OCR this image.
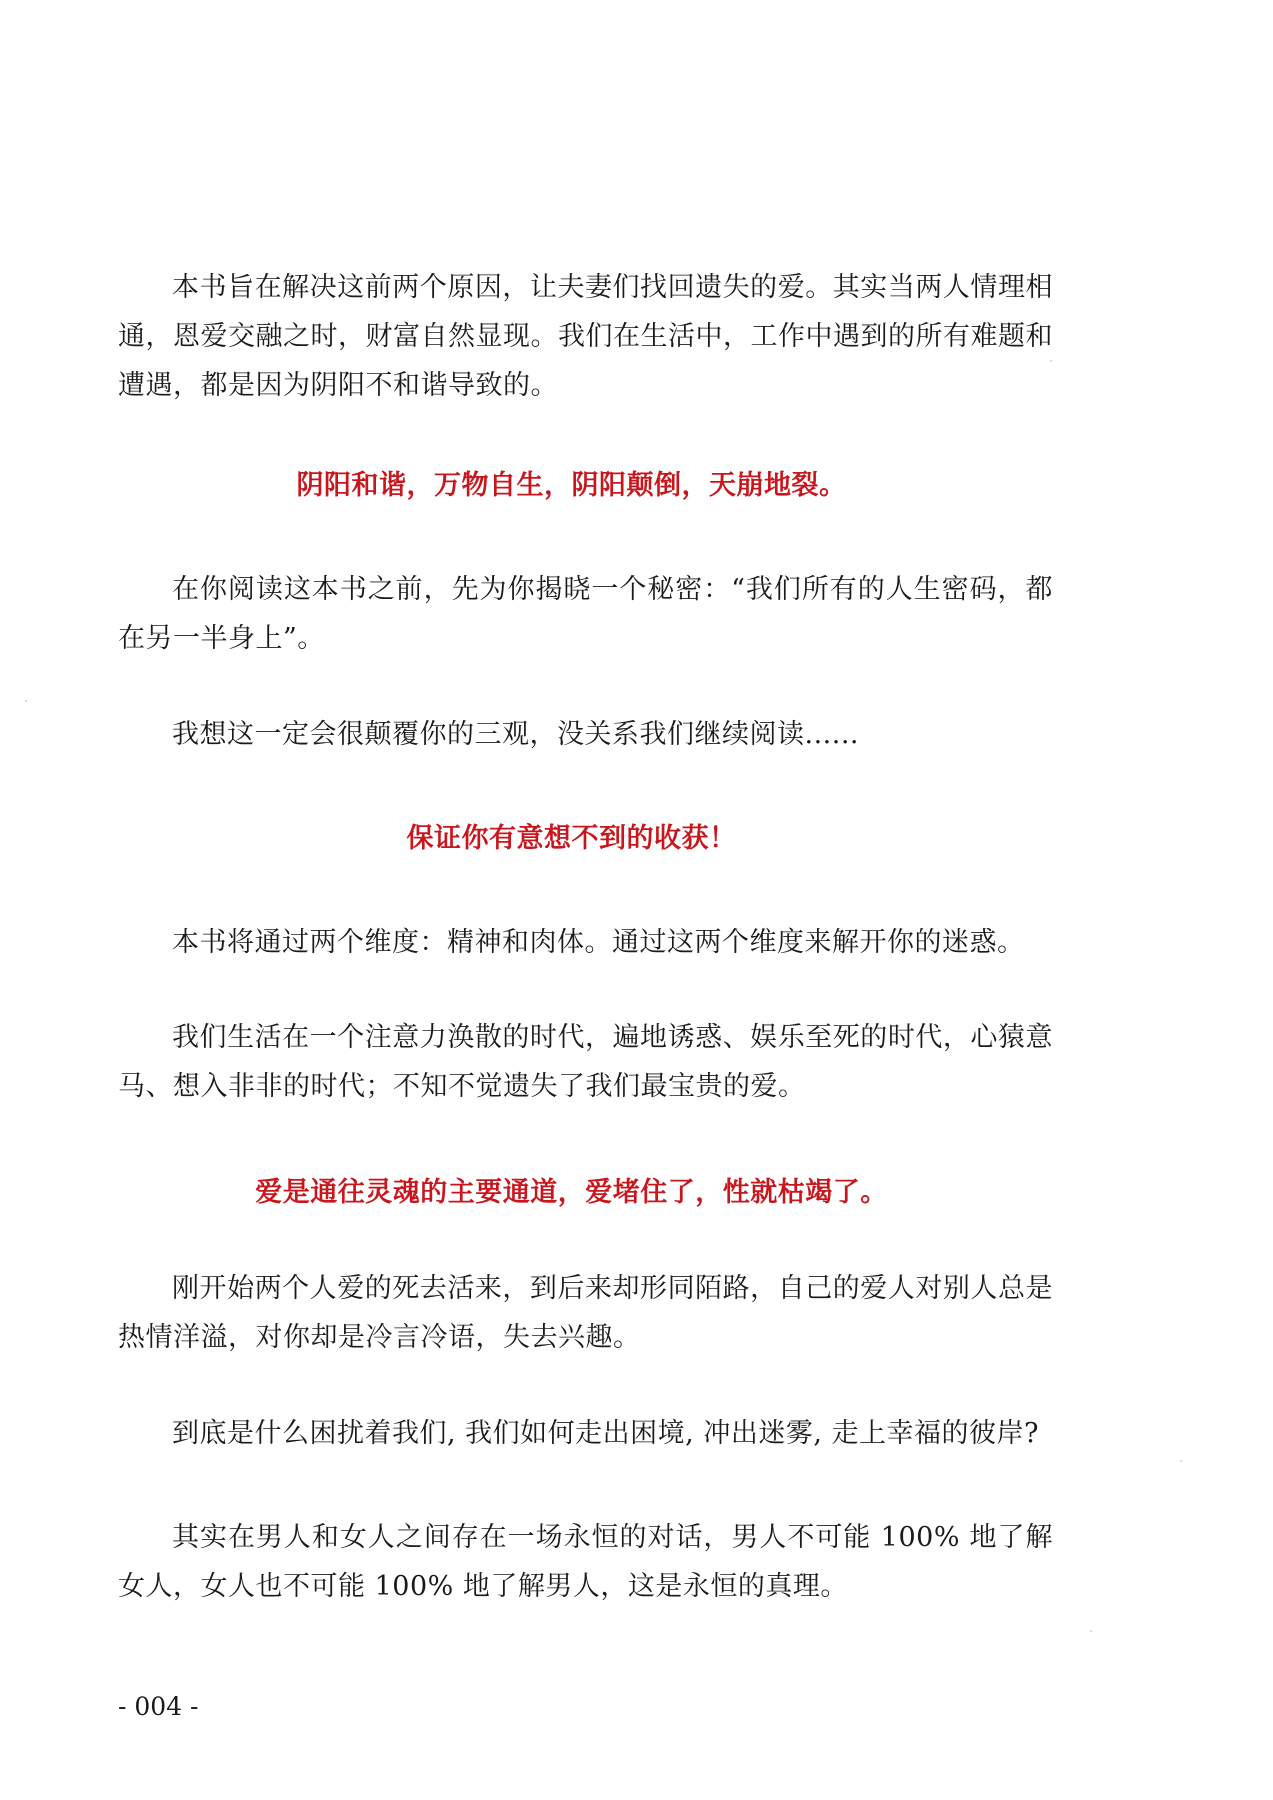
本书旨在解决这前两个原因，让夫妻们找回遗失的爱。其实当两人情理相通，恩爱交融之时，财富自然显现。我们在生活中，工作中遇到的所有难题和遭遇，都是因为阴阳不和谐导致的。

阴阳和谐，万物自生，阴阳颠倒，天崩地裂。

在你阅读这本书之前，先为你揭晓一个秘密：“我们所有的人生密码，都在另一半身上”。

我想这一定会很颠覆你的三观，没关系我们继续阅读......

保证你有意想不到的收获！

本书将通过两个维度：精神和肉体。通过这两个维度来解开你的迷惑。

我们生活在一个注意力涣散的时代，遍地诱惑、娱乐至死的时代，心猿意马、想入非非的时代；不知不觉遗失了我们最宝贵的爱。

爱是通往灵魂的主要通道，爱堵住了，性就枯竭了。

刚开始两个人爱的死去活来，到后来却形同陌路，自己的爱人对别人总是热情洋溢，对你却是冷言冷语，失去兴趣。

到底是什么困扰着我们, 我们如何走出困境, 冲出迷雾, 走上幸福的彼岸?

其实在男人和女人之间存在一场永恒的对话，男人不可能 100% 地了解女人，女人也不可能 100% 地了解男人，这是永恒的真理。

- 004 -
